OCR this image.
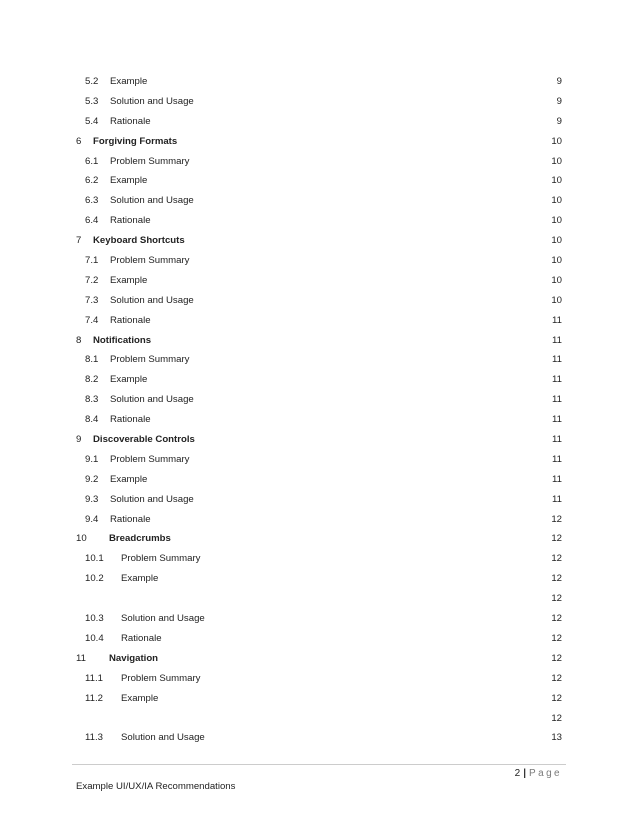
5.2 Example	9
5.3 Solution and Usage	9
5.4 Rationale	9
6 Forgiving Formats	10
6.1 Problem Summary	10
6.2 Example	10
6.3 Solution and Usage	10
6.4 Rationale	10
7 Keyboard Shortcuts	10
7.1 Problem Summary	10
7.2 Example	10
7.3 Solution and Usage	10
7.4 Rationale	11
8 Notifications	11
8.1 Problem Summary	11
8.2 Example	11
8.3 Solution and Usage	11
8.4 Rationale	11
9 Discoverable Controls	11
9.1 Problem Summary	11
9.2 Example	11
9.3 Solution and Usage	11
9.4 Rationale	12
10 Breadcrumbs	12
10.1 Problem Summary	12
10.2 Example	12
12
10.3 Solution and Usage	12
10.4 Rationale	12
11 Navigation	12
11.1 Problem Summary	12
11.2 Example	12
12
11.3 Solution and Usage	13
2 | Page
Example UI/UX/IA Recommendations
